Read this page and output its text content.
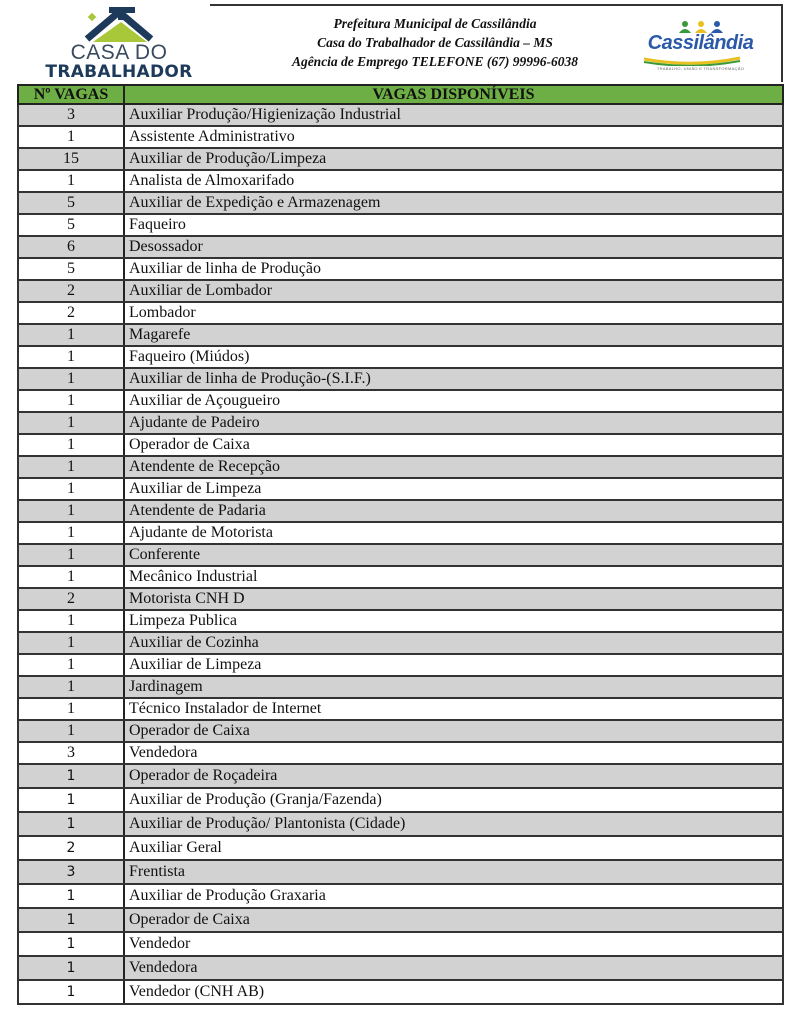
CASA DO
TRABALHADOR
Prefeitura Municipal de Cassilândia
Casa do Trabalhador de Cassilândia – MS
Agência de Emprego TELEFONE (67) 99996-6038
Cassilândia
TRABALHO, UNIÃO E TRANSFORMAÇÃO
Nº VAGAS	VAGAS DISPONÍVEIS
3	Auxiliar Produção/Higienização Industrial
1	Assistente Administrativo
15	Auxiliar de Produção/Limpeza
1	Analista de Almoxarifado
5	Auxiliar de Expedição e Armazenagem
5	Faqueiro
6	Desossador
5	Auxiliar de linha de Produção
2	Auxiliar de Lombador
2	Lombador
1	Magarefe
1	Faqueiro (Miúdos)
1	Auxiliar de linha de Produção-(S.I.F.)
1	Auxiliar de Açougueiro
1	Ajudante de Padeiro
1	Operador de Caixa
1	Atendente de Recepção
1	Auxiliar de Limpeza
1	Atendente de Padaria
1	Ajudante de Motorista
1	Conferente
1	Mecânico Industrial
2	Motorista CNH D
1	Limpeza Publica
1	Auxiliar de Cozinha
1	Auxiliar de Limpeza
1	Jardinagem
1	Técnico Instalador de Internet
1	Operador de Caixa
3	Vendedora
1	Operador de Roçadeira
1	Auxiliar de Produção (Granja/Fazenda)
1	Auxiliar de Produção/ Plantonista (Cidade)
2	Auxiliar Geral
3	Frentista
1	Auxiliar de Produção Graxaria
1	Operador de Caixa
1	Vendedor
1	Vendedora
1	Vendedor (CNH AB)
